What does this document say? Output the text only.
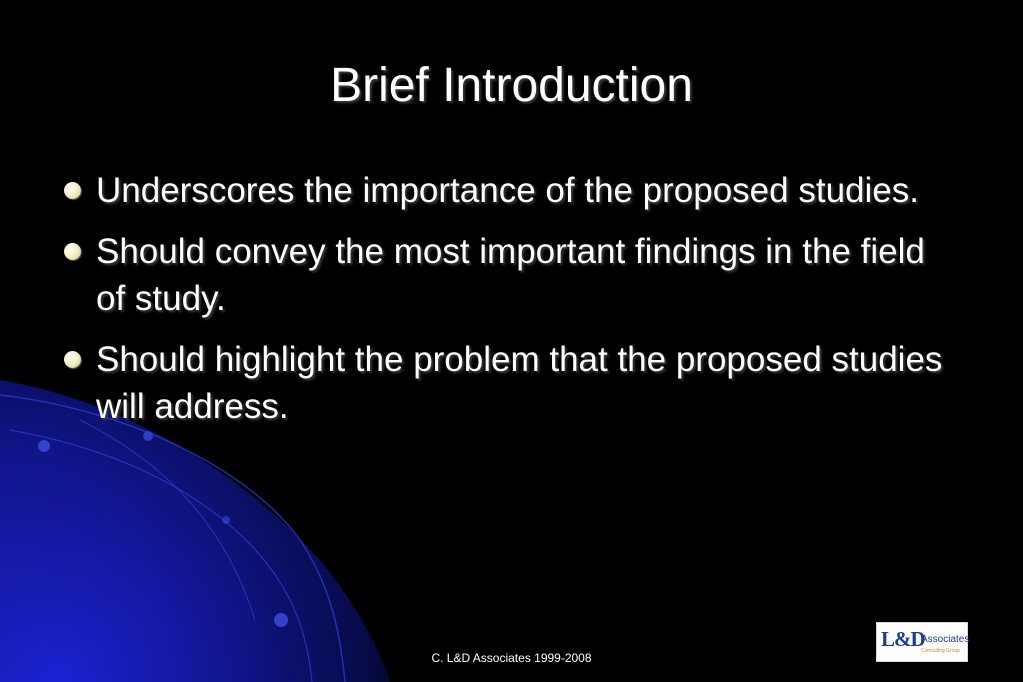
Brief Introduction
Underscores the importance of the proposed studies.
Should convey the most important findings in the field of study.
Should highlight the problem that the proposed studies will address.
C. L&D Associates 1999-2008
L&D
Associates
Consulting Group
